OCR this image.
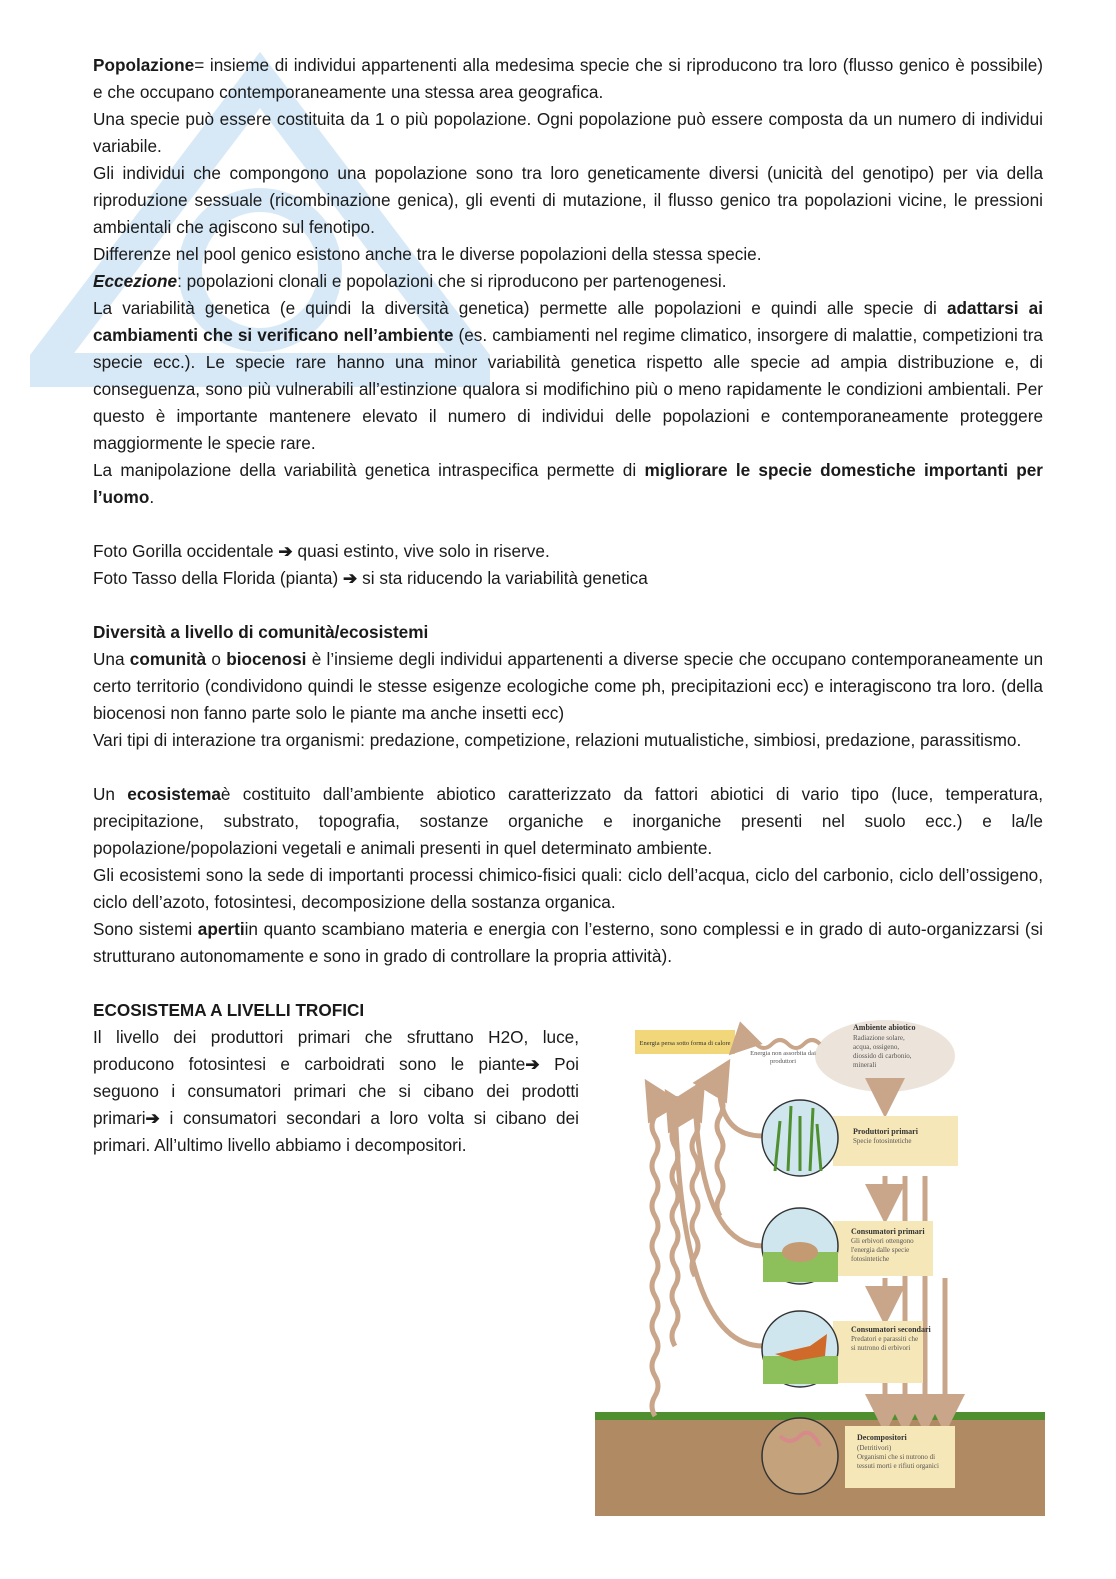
Popolazione= insieme di individui appartenenti alla medesima specie che si riproducono tra loro (flusso genico è possibile) e che occupano contemporaneamente una stessa area geografica.

Una specie può essere costituita da 1 o più popolazione. Ogni popolazione può essere composta da un numero di individui variabile.

Gli individui che compongono una popolazione sono tra loro geneticamente diversi (unicità del genotipo) per via della riproduzione sessuale (ricombinazione genica), gli eventi di mutazione, il flusso genico tra popolazioni vicine, le pressioni ambientali che agiscono sul fenotipo.

Differenze nel pool genico esistono anche tra le diverse popolazioni della stessa specie.

Eccezione: popolazioni clonali e popolazioni che si riproducono per partenogenesi.

La variabilità genetica (e quindi la diversità genetica) permette alle popolazioni e quindi alle specie di adattarsi ai cambiamenti che si verificano nell’ambiente (es. cambiamenti nel regime climatico, insorgere di malattie, competizioni tra specie ecc.). Le specie rare hanno una minor variabilità genetica rispetto alle specie ad ampia distribuzione e, di conseguenza, sono più vulnerabili all’estinzione qualora si modifichino più o meno rapidamente le condizioni ambientali. Per questo è importante mantenere elevato il numero di individui delle popolazioni e contemporaneamente proteggere maggiormente le specie rare.

La manipolazione della variabilità genetica intraspecifica permette di migliorare le specie domestiche importanti per l’uomo.

Foto Gorilla occidentale ➔ quasi estinto, vive solo in riserve.

Foto Tasso della Florida (pianta) ➔ si sta riducendo la variabilità genetica

Diversità a livello di comunità/ecosistemi

Una comunità o biocenosi è l’insieme degli individui appartenenti a diverse specie che occupano contemporaneamente un certo territorio (condividono quindi le stesse esigenze ecologiche come ph, precipitazioni ecc) e interagiscono tra loro. (della biocenosi non fanno parte solo le piante ma anche insetti ecc)

Vari tipi di interazione tra organismi: predazione, competizione, relazioni mutualistiche, simbiosi, predazione, parassitismo.

Un ecosistemaè costituito dall’ambiente abiotico caratterizzato da fattori abiotici di vario tipo (luce, temperatura, precipitazione, substrato, topografia, sostanze organiche e inorganiche presenti nel suolo ecc.) e la/le popolazione/popolazioni vegetali e animali presenti in quel determinato ambiente.

Gli ecosistemi sono la sede di importanti processi chimico-fisici quali: ciclo dell’acqua, ciclo del carbonio, ciclo dell’ossigeno, ciclo dell’azoto, fotosintesi, decomposizione della sostanza organica.

Sono sistemi apertiin quanto scambiano materia e energia con l’esterno, sono complessi e in grado di auto-organizzarsi (si strutturano autonomamente e sono in grado di controllare la propria attività).

ECOSISTEMA A LIVELLI TROFICI

Il livello dei produttori primari che sfruttano H2O, luce, producono fotosintesi e carboidrati sono le piante➔ Poi seguono i consumatori primari che si cibano dei prodotti primari➔ i consumatori secondari a loro volta si cibano dei primari. All’ultimo livello abbiamo i decompositori.

Energia persa sotto forma di calore
Ambiente abiotico
Radiazione solare, acqua, ossigeno, diossido di carbonio, minerali
Energia non assorbita dai produttori
Produttori primari
Specie fotosintetiche
Consumatori primari
Gli erbivori ottengono l'energia dalle specie fotosintetiche
Consumatori secondari
Predatori e parassiti che si nutrono di erbivori
Decompositori
(Detritivori)
Organismi che si nutrono di tessuti morti e rifiuti organici
